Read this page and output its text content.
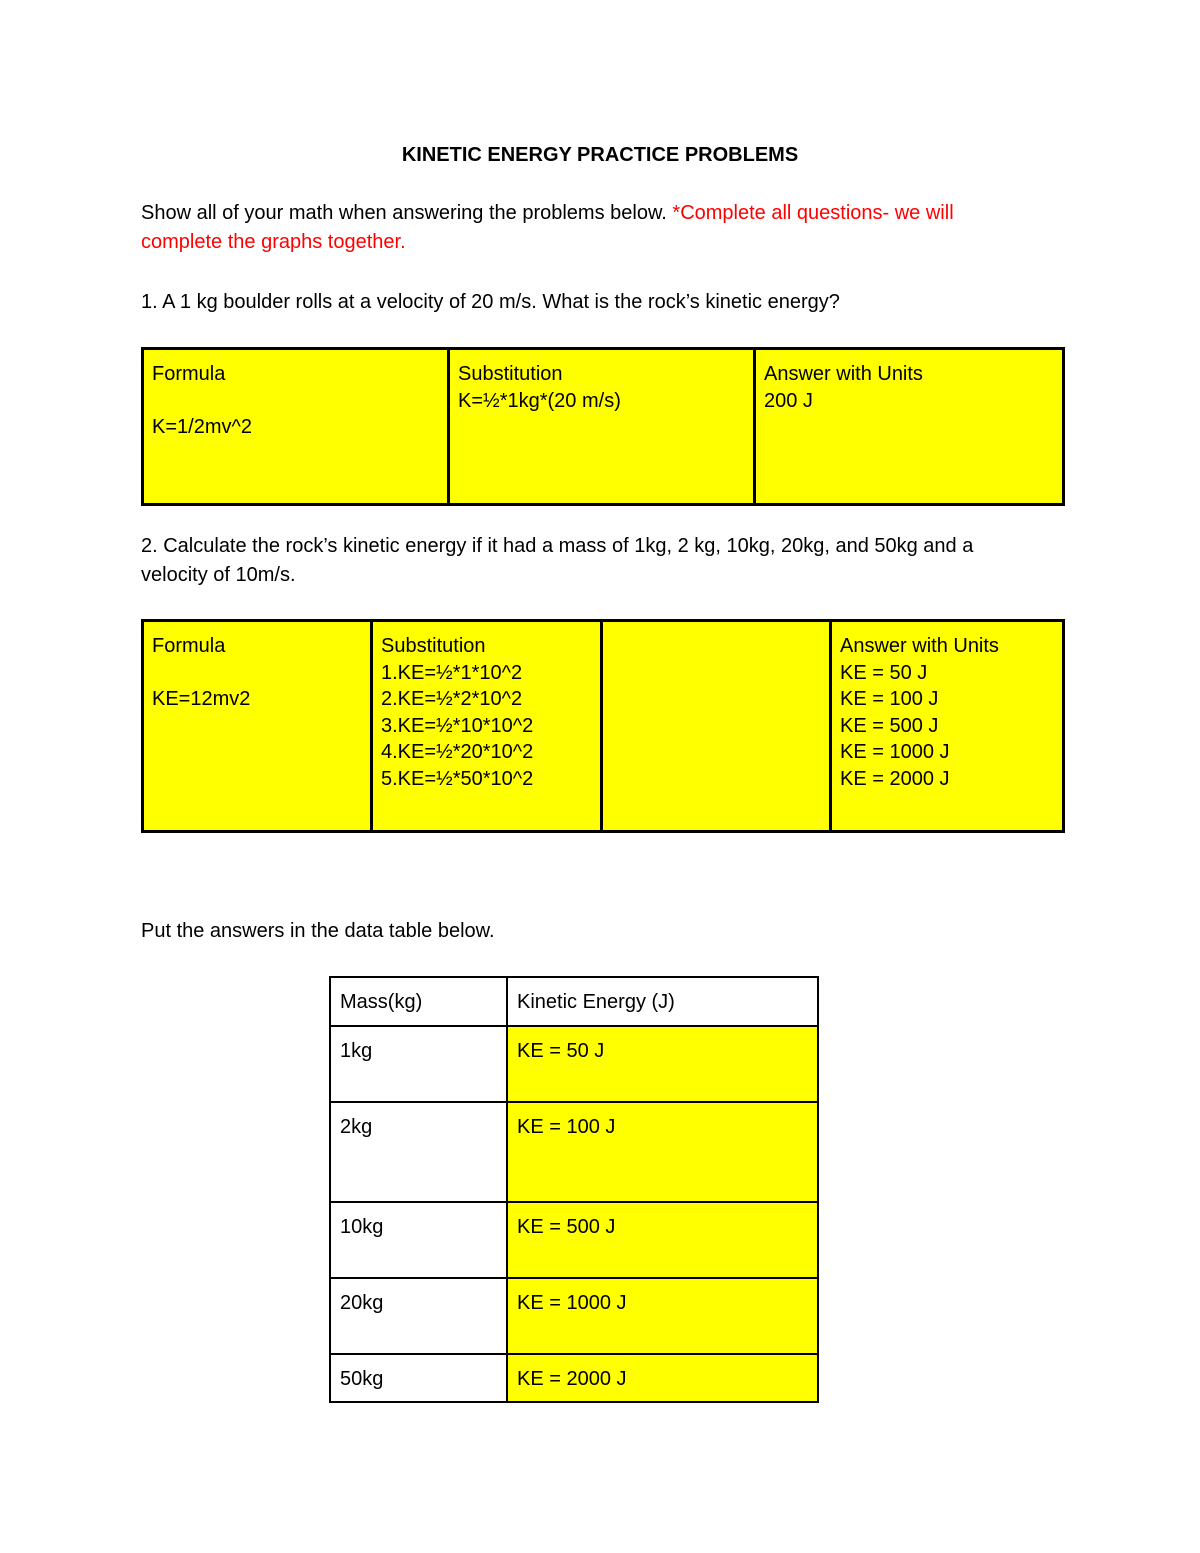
KINETIC ENERGY PRACTICE PROBLEMS

Show all of your math when answering the problems below. *Complete all questions- we will

complete the graphs together.

1. A 1 kg boulder rolls at a velocity of 20 m/s. What is the rock’s kinetic energy?

Formula
K=1/2mv^2

Substitution
K=½*1kg*(20 m/s)

Answer with Units
200 J

2. Calculate the rock’s kinetic energy if it had a mass of 1kg, 2 kg, 10kg, 20kg, and 50kg and a

velocity of 10m/s.

Formula
KE=12mv2

Substitution
1.KE=½*1*10^2
2.KE=½*2*10^2
3.KE=½*10*10^2
4.KE=½*20*10^2
5.KE=½*50*10^2

Answer with Units
KE = 50 J
KE = 100 J
KE = 500 J
KE = 1000 J
KE = 2000 J

Put the answers in the data table below.

Mass(kg)	Kinetic Energy (J)
1kg	KE = 50 J
2kg	KE = 100 J
10kg	KE = 500 J
20kg	KE = 1000 J
50kg	KE = 2000 J
